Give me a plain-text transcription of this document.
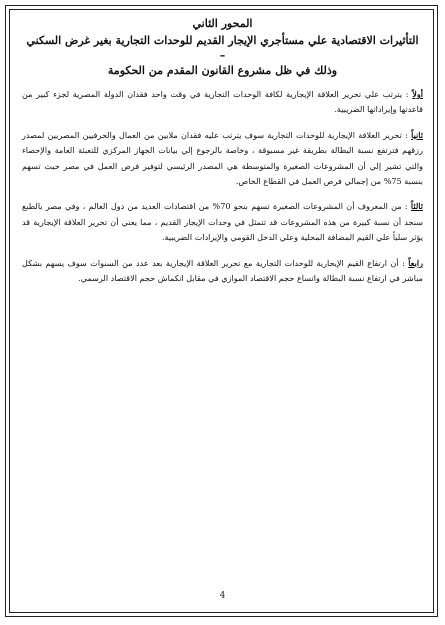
المحور الثاني

التأثيرات الاقتصادية علي مستأجري الإيجار القديم للوحدات التجارية بغير غرض السكني –

وذلك في ظل مشروع القانون المقدم من الحكومة

أولاً : يترتب علي تحرير العلاقة الإيجارية لكافة الوحدات التجارية في وقت واحد فقدان الدولة المصرية لجزء كبير من قاعدتها وإيراداتها الضريبية.

ثانياً : تحرير العلاقة الإيجارية للوحدات التجارية سوف يترتب عليه فقدان ملايين من العمال والحرفيين المصريين لمصدر رزقهم فترتفع نسبة البطالة بطريقة غير مسبوقة ، وخاصة بالرجوع إلي بيانات الجهاز المركزي للتعبئة العامة والإحصاء والتي تشير إلي أن المشروعات الصغيرة والمتوسطة هي المصدر الرئيسي لتوفير فرص العمل في مصر حيث تسهم بنسبة 75% من إجمالي فرص العمل في القطاع الخاص.

ثالثاً : من المعروف أن المشروعات الصغيرة تسهم بنحو 70% من اقتصادات العديد من دول العالم ، وفي مصر بالطبع سنجد أن نسبة كبيرة من هذه المشروعات قد تتمثل في وحدات الإيجار القديم ، مما يعني أن تحرير العلاقة الإيجارية قد يؤثر سلباً علي القيم المضافة المحلية وعلي الدخل القومي والإيرادات الضريبية.

رابعاً : أن ارتفاع القيم الإيجارية للوحدات التجارية مع تحرير العلاقة الإيجارية بعد عدد من السنوات سوف يسهم بشكل مباشر في ارتفاع نسبة البطالة واتساع حجم الاقتصاد الموازي في مقابل انكماش حجم الاقتصاد الرسمي.

4
